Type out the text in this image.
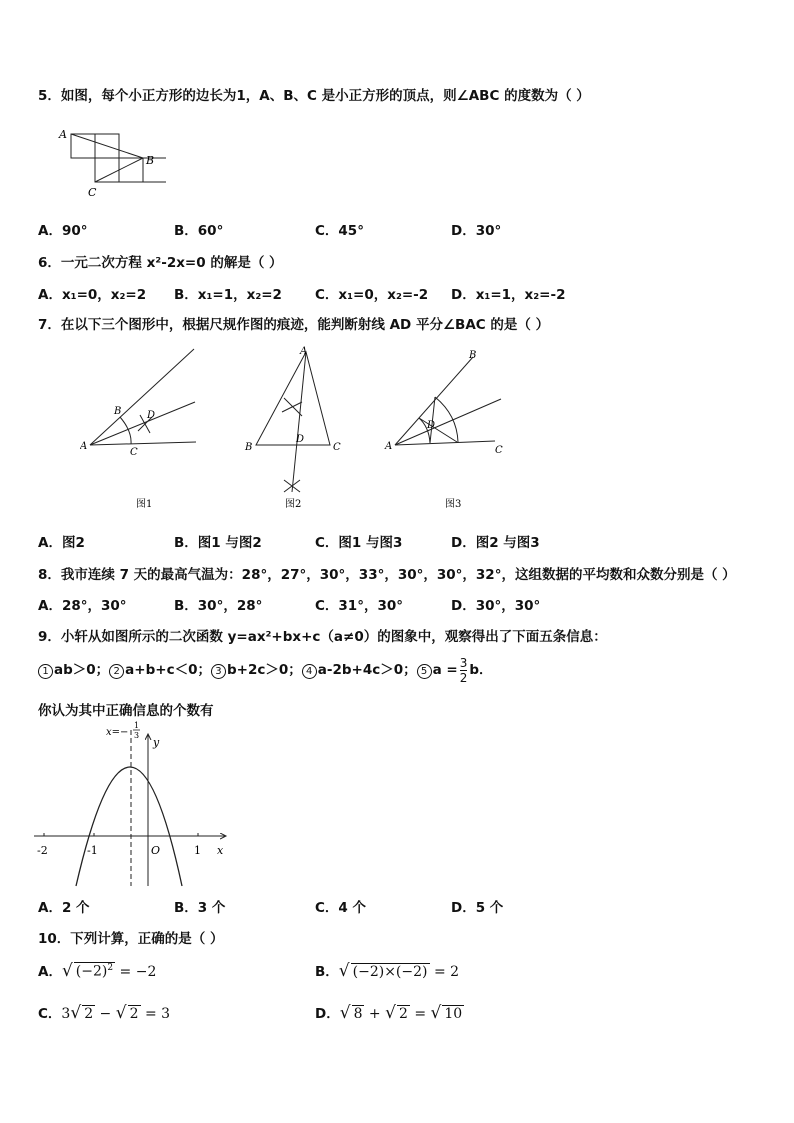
5．如图，每个小正方形的边长为1，A、B、C 是小正方形的顶点，则∠ABC 的度数为（ ）
A
B
C
A．90°	B．60°	C．45°	D．30°
6．一元二次方程 x²-2x=0 的解是（ ）
A．x₁=0，x₂=2 B．x₁=1，x₂=2 C．x₁=0，x₂=-2 D．x₁=1，x₂=-2
7．在以下三个图形中，根据尺规作图的痕迹，能判断射线 AD 平分∠BAC 的是（ ）
A
B
C
D
图1
A
B	C
D
图2
A
B
C
D
图3
A．图2	B．图1 与图2	C．图1 与图3	D．图2 与图3
8．我市连续 7 天的最高气温为：28°，27°，30°，33°，30°，30°，32°，这组数据的平均数和众数分别是（ ）
A．28°，30°	B．30°，28°	C．31°，30°	D．30°，30°
9．小轩从如图所示的二次函数 y=ax²+bx+c（a≠0）的图象中，观察得出了下面五条信息：
1 ab＞0； 2 a+b+c＜0； 3 b+2c＞0； 4 a-2b+4c＞0； 5 $a = \frac{3}{2}$ b．
你认为其中正确信息的个数有
x=−
1
3
y
x
O
-2	-1	1
A．2 个	B．3 个	C．4 个	D．5 个
10．下列计算，正确的是（ ）
A．√ $(-2)^2 = -2$	B．√ (−2)×(−2) = 2
C．3√ 2 − √ 2 = 3	D．√ 8 + √ 2 = √ 10
